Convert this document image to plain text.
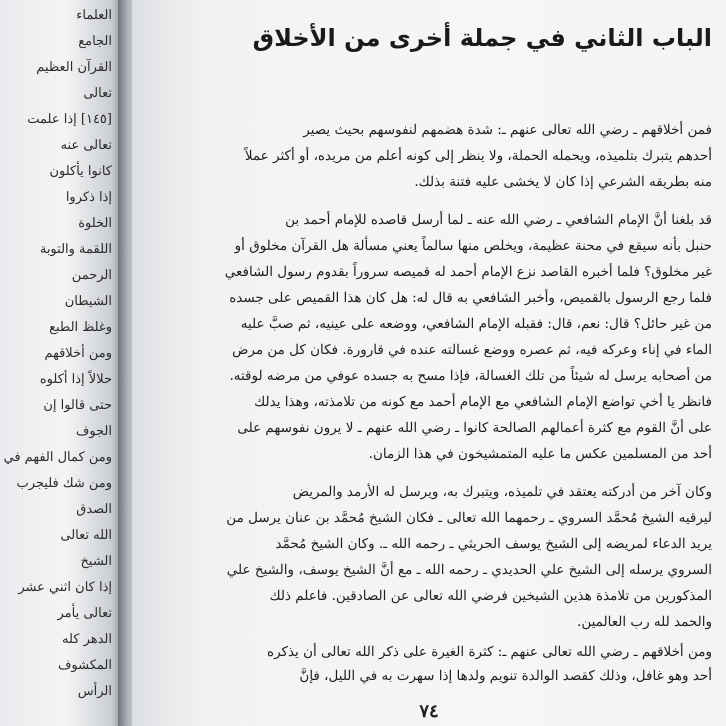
العلماء
الجامع
القرآن العظيم
تعالى
[١٤٥] إذا علمت
تعالى عنه
كانوا يأكلون
إذا ذكروا
الخلوة
اللقمة والتوبة
الرحمن
الشيطان
وغلظ الطبع
ومن أخلاقهم
حلالاً إذا أكلوه
حتى قالوا إن
الجوف
ومن كمال الفهم في
ومن شك فليجرب
الصدق
الله تعالى
الشيخ
إذا كان اثني عشر
تعالى يأمر
الدهر كله
المكشوف
الرأس
الباب الثاني في جملة أخرى من الأخلاق
فمن أخلاقهم ـ رضي الله تعالى عنهم ـ: شدة هضمهم لنفوسهم بحيث يصير
أحدهم يتبرك بتلميذه، ويحمله الحملة، ولا ينظر إلى كونه أعلم من مريده، أو أكثر عملاً
منه بطريقه الشرعي إذا كان لا يخشى عليه فتنة بذلك.
قد بلغنا أنَّ الإمام الشافعي ـ رضي الله عنه ـ لما أرسل قاصده للإمام أحمد بن
حنبل بأنه سيقع في محنة عظيمة، ويخلص منها سالماً يعني مسألة هل القرآن مخلوق أو
غير مخلوق؟ فلما أخبره القاصد نزع الإمام أحمد له قميصه سروراً بقدوم رسول الشافعي
فلما رجع الرسول بالقميص، وأخبر الشافعي به قال له: هل كان هذا القميص على جسده
من غير حائل؟ قال: نعم، قال: فقبله الإمام الشافعي، ووضعه على عينيه، ثم صبَّ عليه
الماء في إناء وعركه فيه، ثم عصره ووضع غسالته عنده في قارورة. فكان كل من مرض
من أصحابه يرسل له شيئاً من تلك الغسالة، فإذا مسح به جسده عوفي من مرضه لوقته.
فانظر يا أخي تواضع الإمام الشافعي مع الإمام أحمد مع كونه من تلامذته، وهذا يدلك
على أنَّ القوم مع كثرة أعمالهم الصالحة كانوا ـ رضي الله عنهم ـ لا يرون نفوسهم على
أحد من المسلمين عكس ما عليه المتمشيخون في هذا الزمان.
وكان آخر من أدركته يعتقد في تلميذه، ويتبرك به، ويرسل له الأرمد والمريض
ليرقيه الشيخ مُحمَّد السروي ـ رحمهما الله تعالى ـ فكان الشيخ مُحمَّد بن عنان يرسل من
يريد الدعاء لمريضه إلى الشيخ يوسف الحريثي ـ رحمه الله ـ. وكان الشيخ مُحمَّد
السروي يرسله إلى الشيخ علي الحديدي ـ رحمه الله ـ مع أنَّ الشيخ يوسف، والشيخ علي
المذكورين من تلامذة هذين الشيخين فرضي الله تعالى عن الصادقين. فاعلم ذلك
والحمد لله رب العالمين.
ومن أخلاقهم ـ رضي الله تعالى عنهم ـ: كثرة الغيرة على ذكر الله تعالى أن يذكره
أحد وهو غافل، وذلك كقصد الوالدة تنويم ولدها إذا سهرت به في الليل، فإنَّ
٧٤
